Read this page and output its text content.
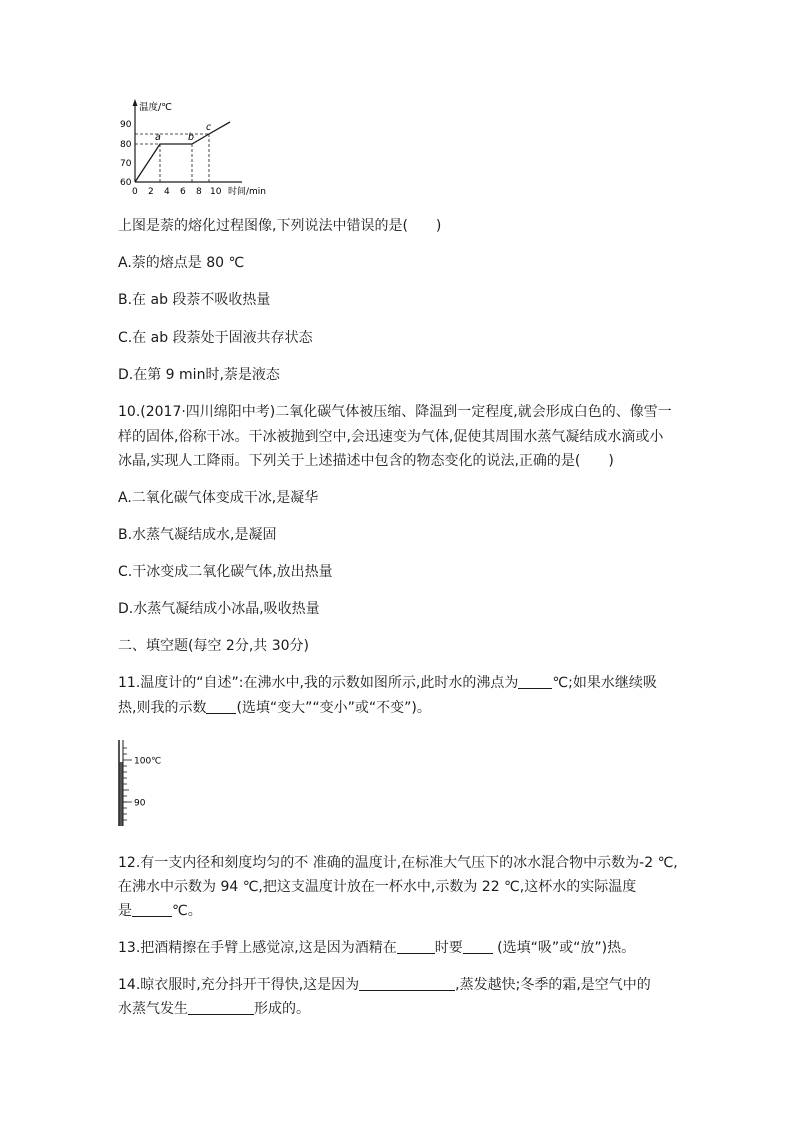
温度/℃
时间/min
90
80
70
60
0 2 4 6 8 10
a	b
c
上图是萘的熔化过程图像,下列说法中错误的是(　　)
A.萘的熔点是 80 ℃
B.在 ab 段萘不吸收热量
C.在 ab 段萘处于固液共存状态
D.在第 9 min时,萘是液态
10.(2017·四川绵阳中考)二氧化碳气体被压缩、降温到一定程度,就会形成白色的、像雪一
样的固体,俗称干冰。干冰被抛到空中,会迅速变为气体,促使其周围水蒸气凝结成水滴或小
冰晶,实现人工降雨。下列关于上述描述中包含的物态变化的说法,正确的是(　　)
A.二氧化碳气体变成干冰,是凝华
B.水蒸气凝结成水,是凝固
C.干冰变成二氧化碳气体,放出热量
D.水蒸气凝结成小冰晶,吸收热量
二、填空题(每空 2分,共 30分)
11.温度计的“自述”:在沸水中,我的示数如图所示,此时水的沸点为 ℃;如果水继续吸
热,则我的示数 (选填“变大”“变小”或“不变”)。
100℃
90
12.有一支内径和刻度均匀的不 准确的温度计,在标准大气压下的冰水混合物中示数为-2 ℃,
在沸水中示数为 94 ℃,把这支温度计放在一杯水中,示数为 22 ℃,这杯水的实际温度
是	℃。
13.把酒精擦在手臂上感觉凉,这是因为酒精在	时要 (选填“吸”或“放”)热。
14.晾衣服时,充分抖开干得快,这是因为	,蒸发越快;冬季的霜,是空气中的
水蒸气发生	形成的。
